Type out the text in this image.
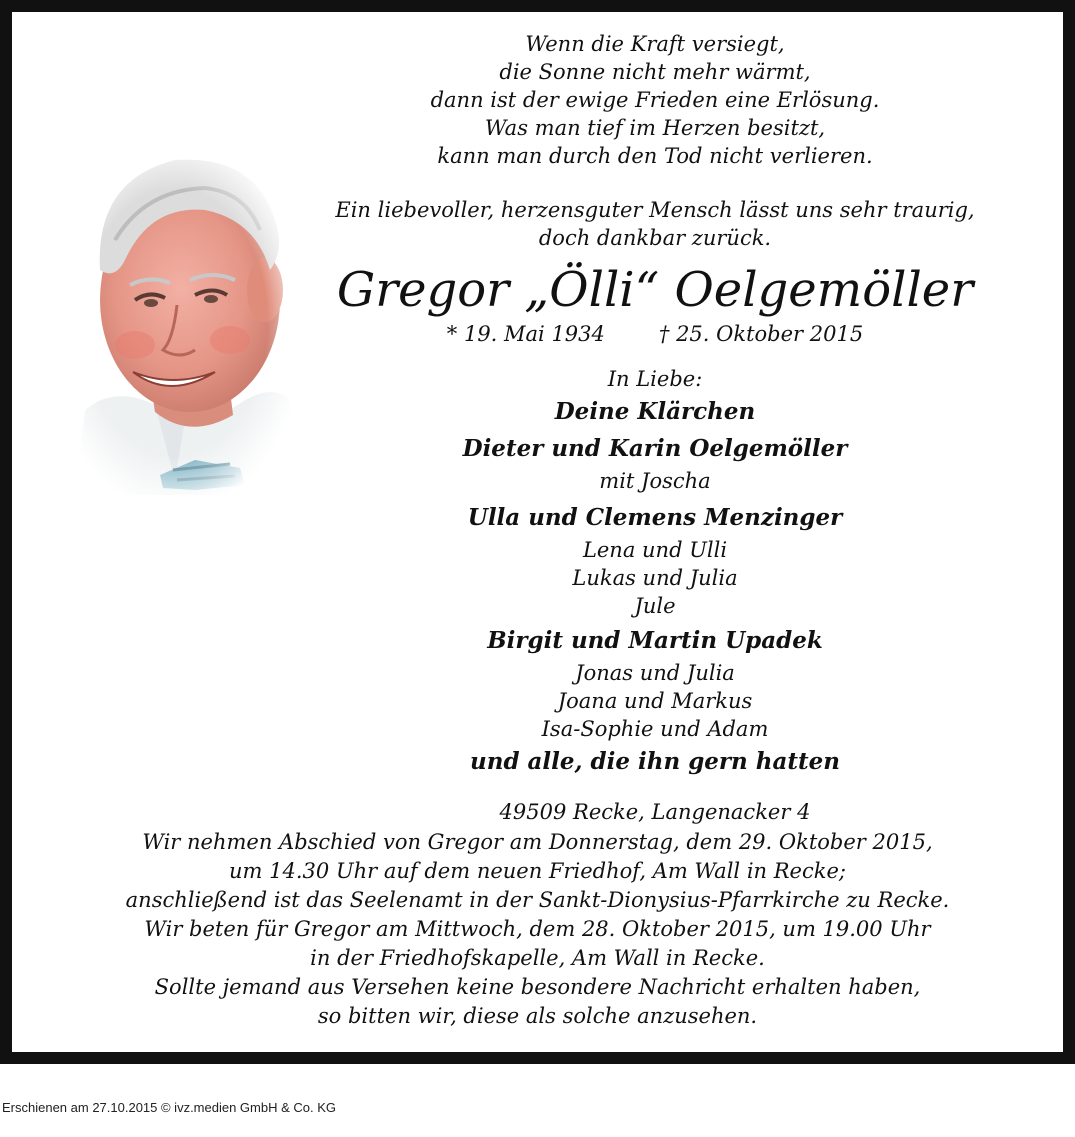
Wenn die Kraft versiegt,
die Sonne nicht mehr wärmt,
dann ist der ewige Frieden eine Erlösung.
Was man tief im Herzen besitzt,
kann man durch den Tod nicht verlieren.
Ein liebevoller, herzensguter Mensch lässt uns sehr traurig,
doch dankbar zurück.
Gregor „Ölli“ Oelgemöller
* 19. Mai 1934	† 25. Oktober 2015
In Liebe:
Deine Klärchen
Dieter und Karin Oelgemöller
mit Joscha
Ulla und Clemens Menzinger
Lena und Ulli
Lukas und Julia
Jule
Birgit und Martin Upadek
Jonas und Julia
Joana und Markus
Isa-Sophie und Adam
und alle, die ihn gern hatten
49509 Recke, Langenacker 4
Wir nehmen Abschied von Gregor am Donnerstag, dem 29. Oktober 2015,
um 14.30 Uhr auf dem neuen Friedhof, Am Wall in Recke;
anschließend ist das Seelenamt in der Sankt-Dionysius-Pfarrkirche zu Recke.
Wir beten für Gregor am Mittwoch, dem 28. Oktober 2015, um 19.00 Uhr
in der Friedhofskapelle, Am Wall in Recke.
Sollte jemand aus Versehen keine besondere Nachricht erhalten haben,
so bitten wir, diese als solche anzusehen.
Erschienen am 27.10.2015 © ivz.medien GmbH & Co. KG
